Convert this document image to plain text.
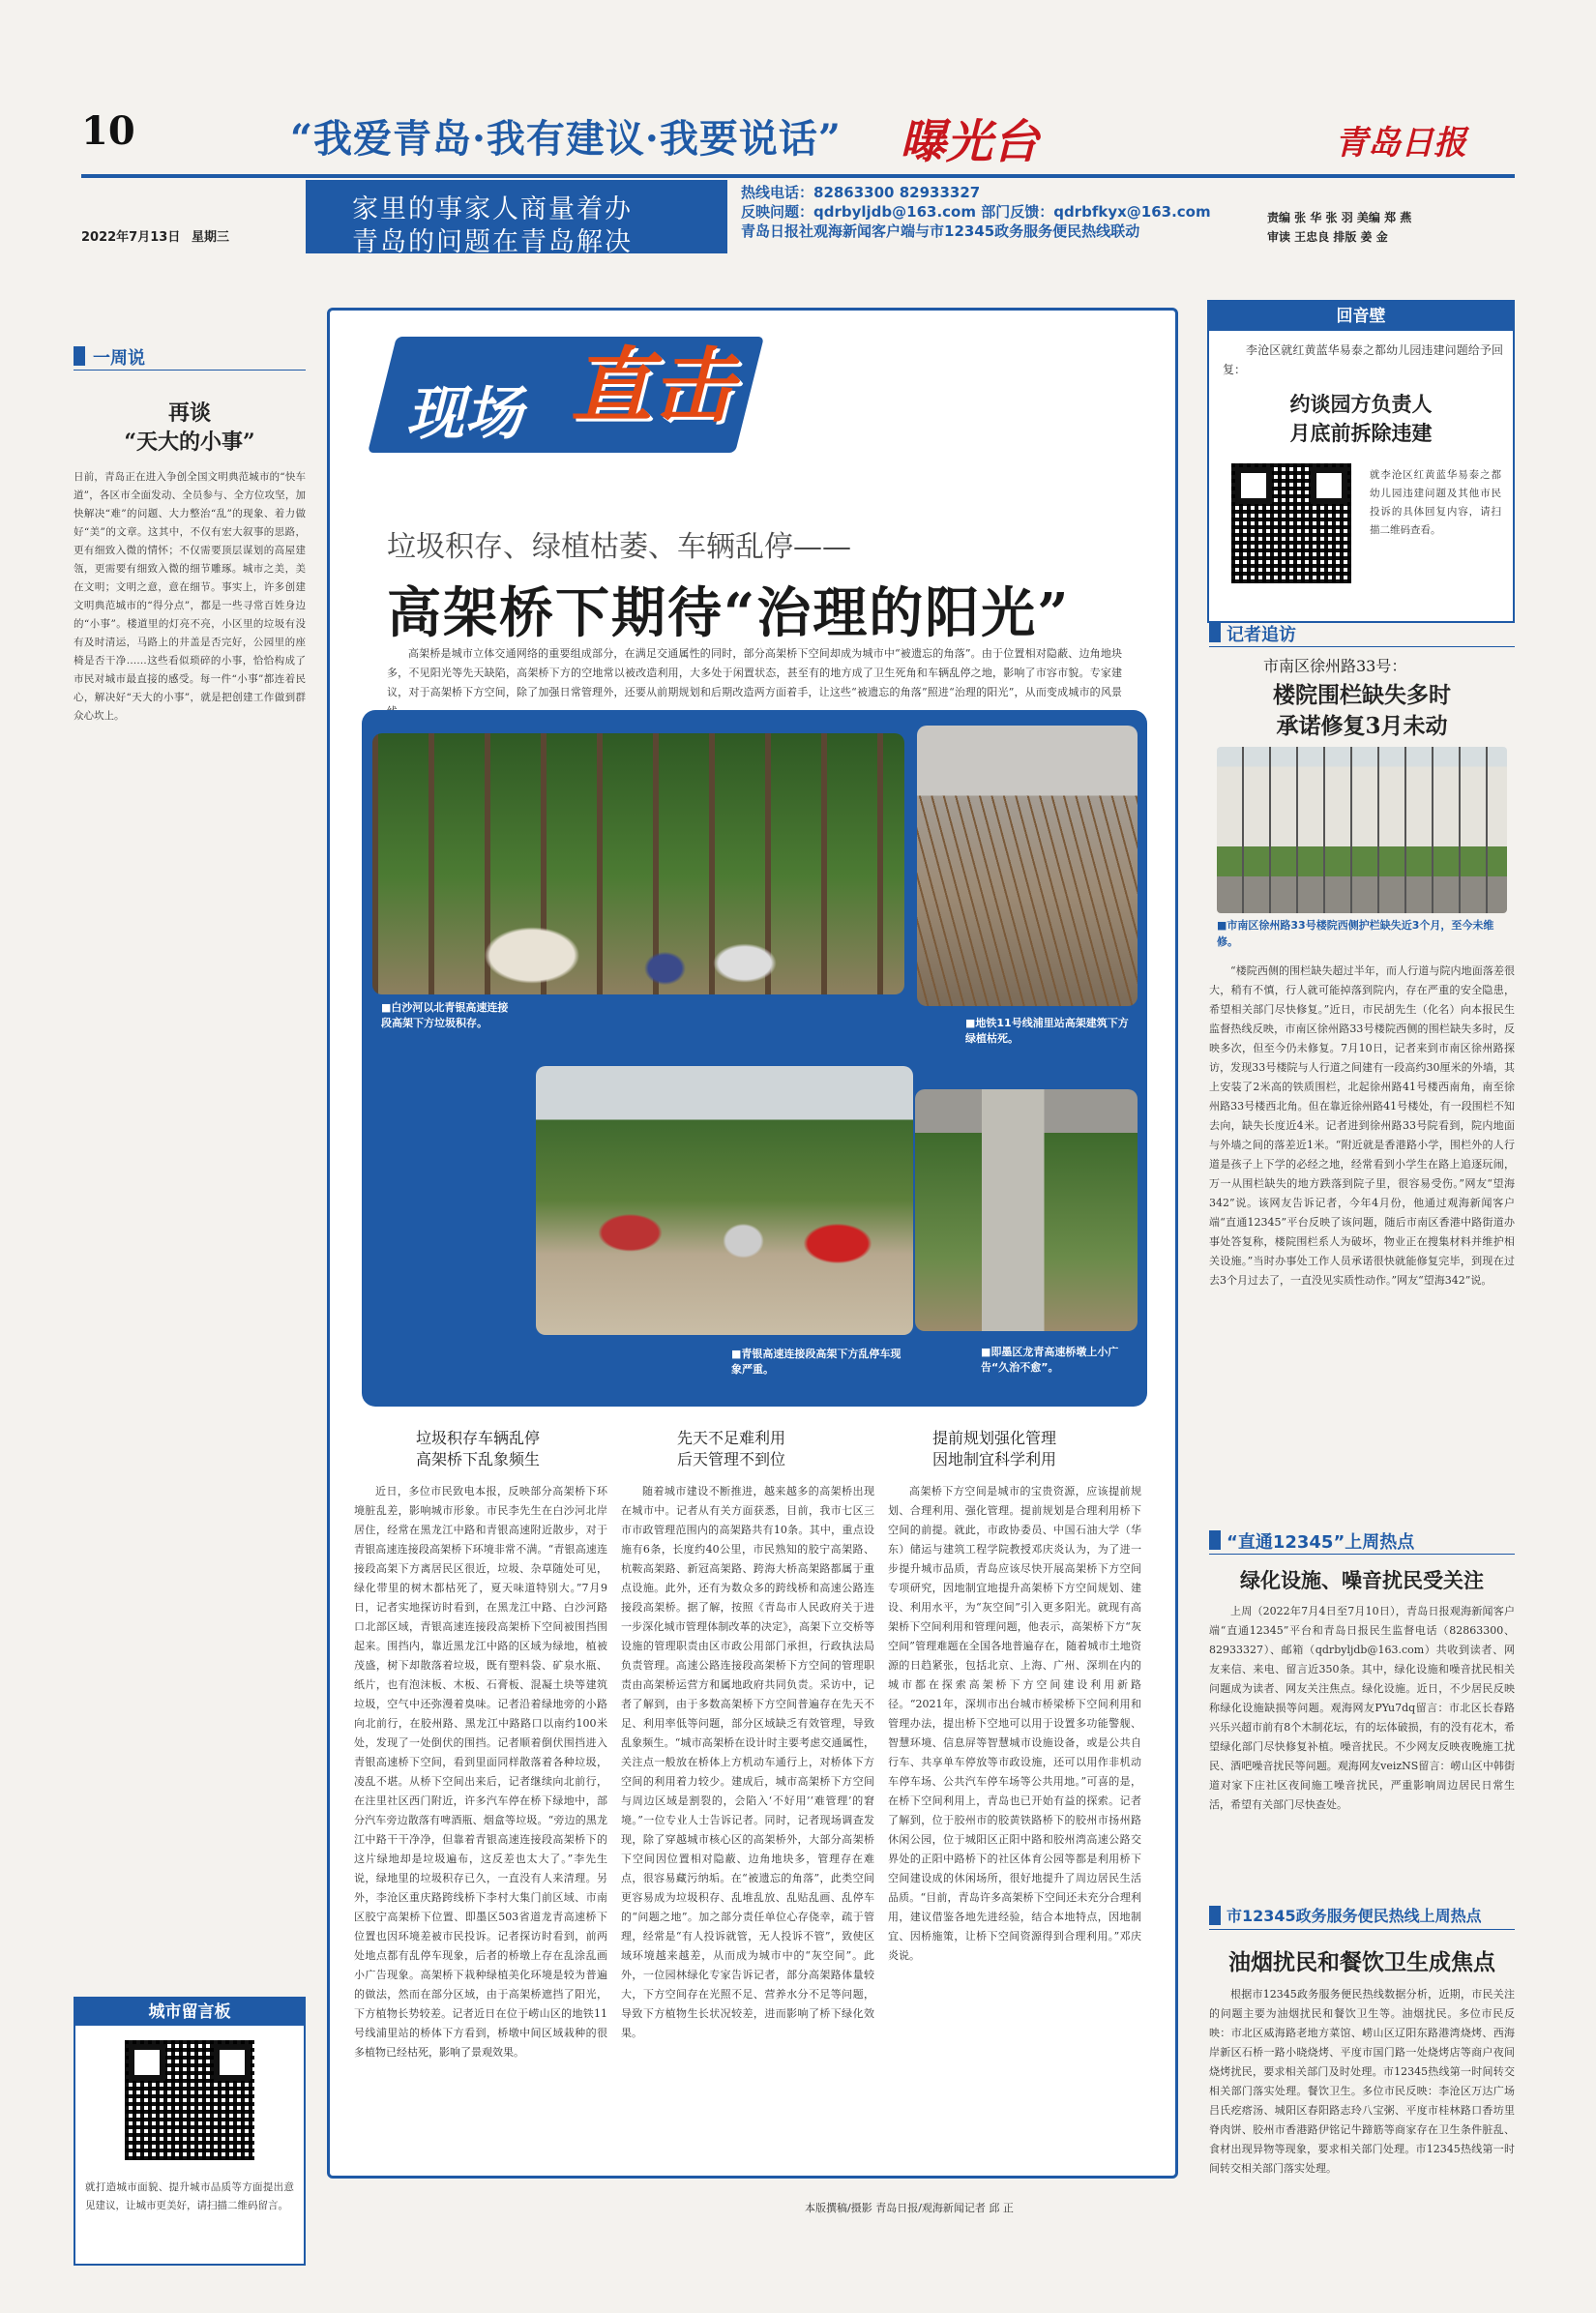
10	“我爱青岛·我有建议·我要说话” 曝光台	青岛日报
2022年7月13日 星期三
家里的事家人商量着办
青岛的问题在青岛解决
热线电话：82863300 82933327
反映问题：qdrbyljdb@163.com 部门反馈：qdrbfkyx@163.com
青岛日报社观海新闻客户端与市12345政务服务便民热线联动
责编 张 华 张 羽 美编 郑 燕
审读 王忠良 排版 姜 金
一周说
再谈
“天大的小事”
日前，青岛正在进入争创全国文明典范城市的“快车道”，各区市全面发动、全员参与、全方位攻坚，加快解决“难”的问题、大力整治“乱”的现象、着力做好“美”的文章。这其中，不仅有宏大叙事的思路，更有细致入微的情怀；不仅需要顶层谋划的高屋建瓴，更需要有细致入微的细节雕琢。城市之美，美在文明；文明之意，意在细节。事实上，许多创建文明典范城市的“得分点”，都是一些寻常百姓身边的“小事”。楼道里的灯亮不亮，小区里的垃圾有没有及时清运，马路上的井盖是否完好，公园里的座椅是否干净……这些看似琐碎的小事，恰恰构成了市民对城市最直接的感受。每一件“小事”都连着民心，解决好“天大的小事”，就是把创建工作做到群众心坎上。
城市留言板
就打造城市面貌、提升城市品质等方面提出意见建议，让城市更美好，请扫描二维码留言。
现场 直击
垃圾积存、绿植枯萎、车辆乱停——
高架桥下期待“治理的阳光”
高架桥是城市立体交通网络的重要组成部分，在满足交通属性的同时，部分高架桥下空间却成为城市中“被遗忘的角落”。由于位置相对隐蔽、边角地块多，不见阳光等先天缺陷，高架桥下方的空地常以被改造利用，大多处于闲置状态，甚至有的地方成了卫生死角和车辆乱停之地，影响了市容市貌。专家建议，对于高架桥下方空间，除了加强日常管理外，还要从前期规划和后期改造两方面着手，让这些“被遗忘的角落”照进“治理的阳光”，从而变成城市的风景
■白沙河以北青银高速连接段高架下方垃圾积存。	■地铁11号线浦里站高架建筑下方绿植枯死。
■青银高速连接段高架下方乱停车现象严重。
■即墨区龙青高速桥墩上小广告“久治不愈”。
垃圾积存车辆乱停
高架桥下乱象频生
先天不足难利用
后天管理不到位
提前规划强化管理
因地制宜科学利用
近日，多位市民致电本报，反映部分高架桥下环境脏乱差，影响城市形象。市民李先生在白沙河北岸居住，经常在黑龙江中路和青银高速附近散步，对于青银高速连接段高架桥下环境非常不满。“青银高速连接段高架下方离居民区很近，垃圾、杂草随处可见，绿化带里的树木都枯死了，夏天味道特别大。”7月9日，记者实地探访时看到，在黑龙江中路、白沙河路口北部区域，青银高速连接段高架桥下空间被围挡围起来。围挡内，靠近黑龙江中路的区域为绿地，植被茂盛，树下却散落着垃圾，既有塑料袋、矿泉水瓶、纸片，也有泡沫板、木板、石膏板、混凝土块等建筑垃圾，空气中还弥漫着臭味。记者沿着绿地旁的小路向北前行，在胶州路、黑龙江中路路口以南约100米处，发现了一处倒伏的围挡。记者顺着倒伏围挡进入青银高速桥下空间，看到里面同样散落着各种垃圾，凌乱不堪。从桥下空间出来后，记者继续向北前行，在注里社区西门附近，许多汽车停在桥下绿地中，部分汽车旁边散落有啤酒瓶、烟盒等垃圾。“旁边的黑龙江中路干干净净，但靠着青银高速连接段高架桥下的这片绿地却是垃圾遍布，这反差也太大了。”李先生说，绿地里的垃圾积存已久，一直没有人来清理。另外，李沧区重庆路跨线桥下李村大集门前区域、市南区胶宁高架桥下位置、即墨区503省道龙青高速桥下位置也因环境差被市民投诉。记者探访时看到，前两处地点都有乱停车现象，后者的桥墩上存在乱涂乱画小广告现象。高架桥下栽种绿植美化环境是较为普遍的做法，然而在部分区域，由于高架桥遮挡了阳光，下方植物长势较差。记者近日在位于崂山区的地铁11号线浦里站的桥体下方看到，桥墩中间区域栽种的很多植物已经枯死，影响了景观效果。
随着城市建设不断推进，越来越多的高架桥出现在城市中。记者从有关方面获悉，目前，我市七区三市市政管理范围内的高架路共有10条。其中，重点设施有6条，长度约40公里，市民熟知的胶宁高架路、杭鞍高架路、新冠高架路、跨海大桥高架路都属于重点设施。此外，还有为数众多的跨线桥和高速公路连接段高架桥。据了解，按照《青岛市人民政府关于进一步深化城市管理体制改革的决定》，高架下立交桥等设施的管理职责由区市政公用部门承担，行政执法局负责管理。高速公路连接段高架桥下方空间的管理职责由高架桥运营方和属地政府共同负责。采访中，记者了解到，由于多数高架桥下方空间普遍存在先天不足、利用率低等问题，部分区域缺乏有效管理，导致乱象频生。“城市高架桥在设计时主要考虑交通属性，关注点一般放在桥体上方机动车通行上，对桥体下方空间的利用着力较少。建成后，城市高架桥下方空间与周边区域是割裂的，会陷入‘不好用’‘难管理’的窘境。”一位专业人士告诉记者。同时，记者现场调查发现，除了穿越城市核心区的高架桥外，大部分高架桥下空间因位置相对隐蔽、边角地块多，管理存在难点，很容易藏污纳垢。在“被遗忘的角落”，此类空间更容易成为垃圾积存、乱堆乱放、乱贴乱画、乱停车的“问题之地”。加之部分责任单位心存侥幸，疏于管理，经常是“有人投诉就管，无人投诉不管”，致使区域环境越来越差，从而成为城市中的“灰空间”。此外，一位园林绿化专家告诉记者，部分高架路体量较大，下方空间存在光照不足、营养水分不足等问题，导致下方植物生长状况较差，进而影响了桥下绿化效果。
高架桥下方空间是城市的宝贵资源，应该提前规划、合理利用、强化管理。提前规划是合理利用桥下空间的前提。就此，市政协委员、中国石油大学（华东）储运与建筑工程学院教授邓庆炎认为，为了进一步提升城市品质，青岛应该尽快开展高架桥下方空间专项研究，因地制宜地提升高架桥下方空间规划、建设、利用水平，为“灰空间”引入更多阳光。就现有高架桥下空间利用和管理问题，他表示，高架桥下方“灰空间”管理难题在全国各地普遍存在，随着城市土地资源的日趋紧张，包括北京、上海、广州、深圳在内的城市都在探索高架桥下方空间建设利用新路径。“2021年，深圳市出台城市桥梁桥下空间利用和管理办法，提出桥下空地可以用于设置多功能警舰、智慧环境、信息屏等智慧城市设施设备，或是公共自行车、共享单车停放等市政设施，还可以用作非机动车停车场、公共汽车停车场等公共用地。”可喜的是，在桥下空间利用上，青岛也已开始有益的探索。记者了解到，位于胶州市的胶黄铁路桥下的胶州市扬州路休闲公园，位于城阳区正阳中路和胶州湾高速公路交界处的正阳中路桥下的社区体育公园等都是利用桥下空间建设成的休闲场所，很好地提升了周边居民生活品质。“目前，青岛许多高架桥下空间还未充分合理利用，建议借鉴各地先进经验，结合本地特点，因地制宜、因桥施策，让桥下空间资源得到合理利用。”邓庆炎说。
本版撰稿/摄影 青岛日报/观海新闻记者 邱 正
回音壁
李沧区就红黄蓝华易泰之都幼儿园违建问题给予回复：
约谈园方负责人
月底前拆除违建
就李沧区红黄蓝华易泰之都幼儿园违建问题及其他市民投诉的具体回复内容，请扫描二维码查看。
记者追访
市南区徐州路33号：
楼院围栏缺失多时
承诺修复3月未动
■市南区徐州路33号楼院西侧护栏缺失近3个月，至今未维修。
“楼院西侧的围栏缺失超过半年，而人行道与院内地面落差很大，稍有不慎，行人就可能掉落到院内，存在严重的安全隐患，希望相关部门尽快修复。”近日，市民胡先生（化名）向本报民生监督热线反映，市南区徐州路33号楼院西侧的围栏缺失多时，反映多次，但至今仍未修复。7月10日，记者来到市南区徐州路探访，发现33号楼院与人行道之间建有一段高约30厘米的外墙，其上安装了2米高的铁质围栏，北起徐州路41号楼西南角，南至徐州路33号楼西北角。但在靠近徐州路41号楼处，有一段围栏不知去向，缺失长度近4米。记者进到徐州路33号院看到，院内地面与外墙之间的落差近1米。“附近就是香港路小学，围栏外的人行道是孩子上下学的必经之地，经常看到小学生在路上追逐玩闹，万一从围栏缺失的地方跌落到院子里，很容易受伤。”网友“望海342”说。该网友告诉记者，今年4月份，他通过观海新闻客户端“直通12345”平台反映了该问题，随后市南区香港中路街道办事处答复称，楼院围栏系人为破坏，物业正在搜集材料并维护相关设施。”当时办事处工作人员承诺很快就能修复完毕，到现在过去3个月过去了，一直没见实质性动作。”网友“望海342”说。
“直通12345”上周热点
绿化设施、噪音扰民受关注
上周（2022年7月4日至7月10日），青岛日报观海新闻客户端“直通12345”平台和青岛日报民生监督电话（82863300、82933327）、邮箱（qdrbyljdb@163.com）共收到读者、网友来信、来电、留言近350条。其中，绿化设施和噪音扰民相关问题成为读者、网友关注焦点。绿化设施。近日，不少居民反映称绿化设施缺损等问题。观海网友PYu7dq留言：市北区长春路兴乐兴超市前有8个木制花坛，有的坛体破损，有的没有花木，希望绿化部门尽快修复补植。噪音扰民。不少网友反映夜晚施工扰民、酒吧噪音扰民等问题。观海网友veizNS留言：崂山区中韩街道对家下庄社区夜间施工噪音扰民，严重影响周边居民日常生活，希望有关部门尽快查处。
市12345政务服务便民热线上周热点
油烟扰民和餐饮卫生成焦点
根据市12345政务服务便民热线数据分析，近期，市民关注的问题主要为油烟扰民和餐饮卫生等。油烟扰民。多位市民反映：市北区威海路老地方菜馆、崂山区辽阳东路港湾烧烤、西海岸新区石桥一路小晓烧烤、平度市国门路一处烧烤店等商户夜间烧烤扰民，要求相关部门及时处理。市12345热线第一时间转交相关部门落实处理。餐饮卫生。多位市民反映：李沧区万达广场吕氏疙瘩汤、城阳区春阳路志玲八宝粥、平度市桂林路口香坊里脊肉饼、胶州市香港路伊铭记牛蹄筋等商家存在卫生条件脏乱、食材出现异物等现象，要求相关部门处理。市12345热线第一时间转交相关部门落实处理。
